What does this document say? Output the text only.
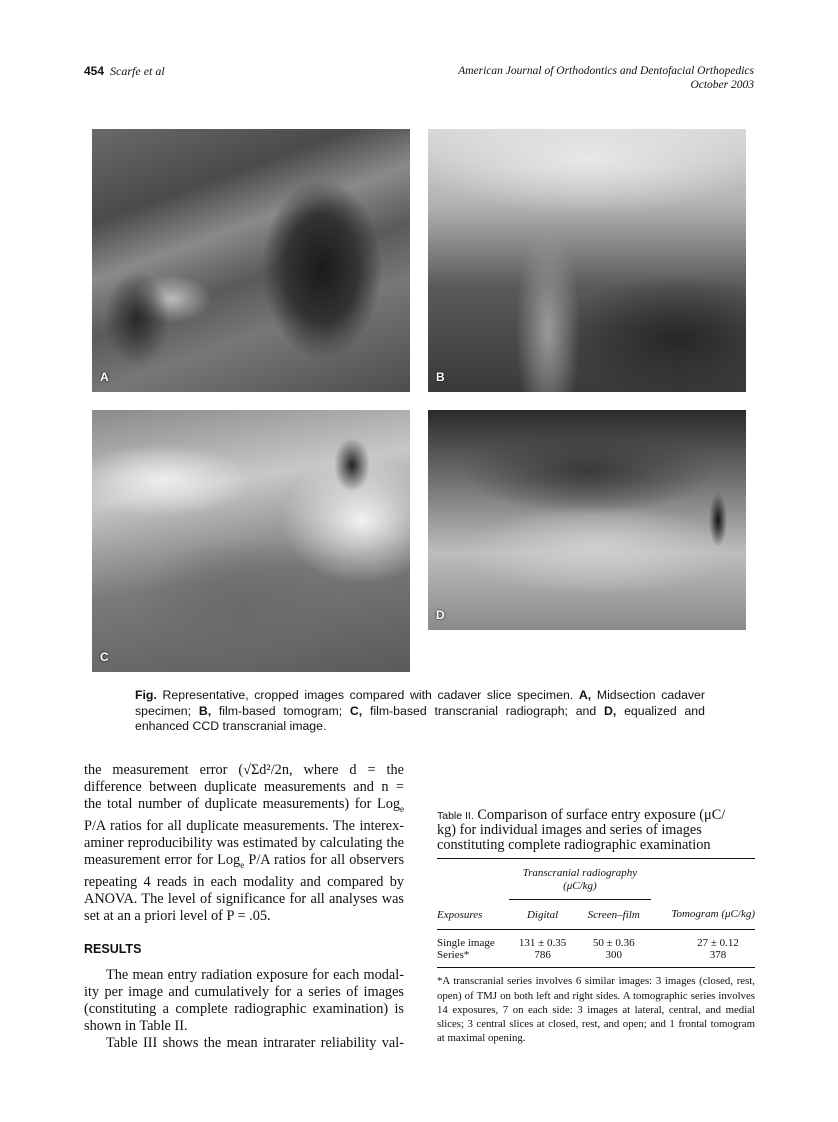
454 Scarfe et al	American Journal of Orthodontics and Dentofacial Orthopedics
October 2003
A	B
C
D
Fig. Representative, cropped images compared with cadaver slice specimen. A, Midsection cadaver specimen; B, film-based tomogram; C, film-based transcranial radiograph; and D, equalized and enhanced CCD transcranial image.
the measurement error (√Σd²/2n, where d = the
difference between duplicate measurements and n =
the total number of duplicate measurements) for Log$_e$
P/A ratios for all duplicate measurements. The interex-
aminer reproducibility was estimated by calculating the
measurement error for Log$_e$ P/A ratios for all observers
repeating 4 reads in each modality and compared by
ANOVA. The level of significance for all analyses was
set at an a priori level of P = .05.
RESULTS
The mean entry radiation exposure for each modal-
ity per image and cumulatively for a series of images
(constituting a complete radiographic examination) is
shown in Table II.
Table III shows the mean intrarater reliability val-
Table II. Comparison of surface entry exposure (μC/
kg) for individual images and series of images
constituting complete radiographic examination

	Transcranial radiography
(μC/kg)		

Exposures	Digital	Screen–film	Tomogram (μC/kg)
Single image	131 ± 0.35	50 ± 0.36	27 ± 0.12
Series*	786	300	378
*A transcranial series involves 6 similar images: 3 images (closed, rest, open) of TMJ on both left and right sides. A tomographic series involves 14 exposures, 7 on each side: 3 images at lateral, central, and medial slices; 3 central slices at closed, rest, and open; and 1 frontal tomogram at maximal opening.
